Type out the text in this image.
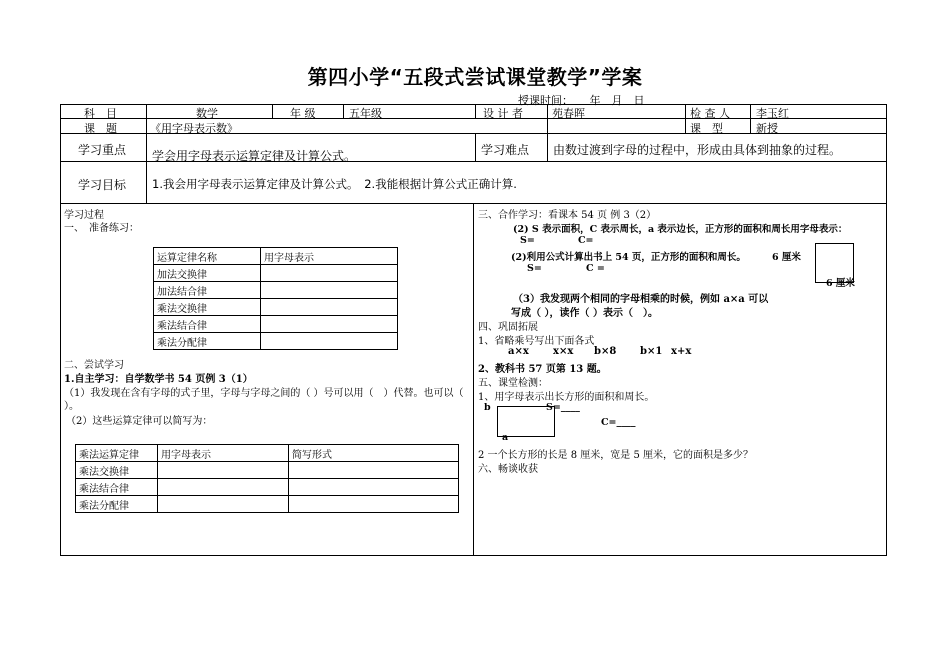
第四小学“五段式尝试课堂教学”学案
授课时间：　　年　月　日
科　目	数学	年 级	五年级	设 计 者	苑春晖	检 查 人 李玉红
课　题	《用字母表示数》	课　型	新授
学习重点 学会用字母表示运算定律及计算公式。	学习难点 由数过渡到字母的过程中，形成由具体到抽象的过程。
学习目标 1.我会用字母表示运算定律及计算公式。　2.我能根据计算公式正确计算.
学习过程
一、　准备练习：
运算定律名称	用字母表示
加法交换律	
加法结合律	
乘法交换律	
乘法结合律	
乘法分配律	
二、尝试学习
1.自主学习：自学数学书 54 页例 3（1）
（1）我发现在含有字母的式子里，字母与字母之间的（ ）号可以用（　）代替。也可以（
）。
（2）这些运算定律可以简写为：
乘法运算定律	用字母表示	简写形式
乘法交换律		
乘法结合律		
乘法分配律		
三、合作学习：看课本 54 页 例 3（2）
(2) S 表示面积，C 表示周长，a 表示边长，正方形的面积和周长用字母表示：
S=	C=
(2)利用公式计算出书上 54 页，正方形的面积和周长。	6 厘米
S=	C =
6 厘米
（3）我发现两个相同的字母相乘的时候，例如 a×a 可以
写成（ ），读作（ ）表示（　）。
四、巩固拓展
1、省略乘号写出下面各式
a×x x×x b×8 b×1 x+x
2、教科书 57 页第 13 题。
五、课堂检测：
1、用字母表示出长方形的面积和周长。
b
a
S=____
C=____
2 一个长方形的长是 8 厘米，宽是 5 厘米，它的面积是多少？
六、畅谈收获
